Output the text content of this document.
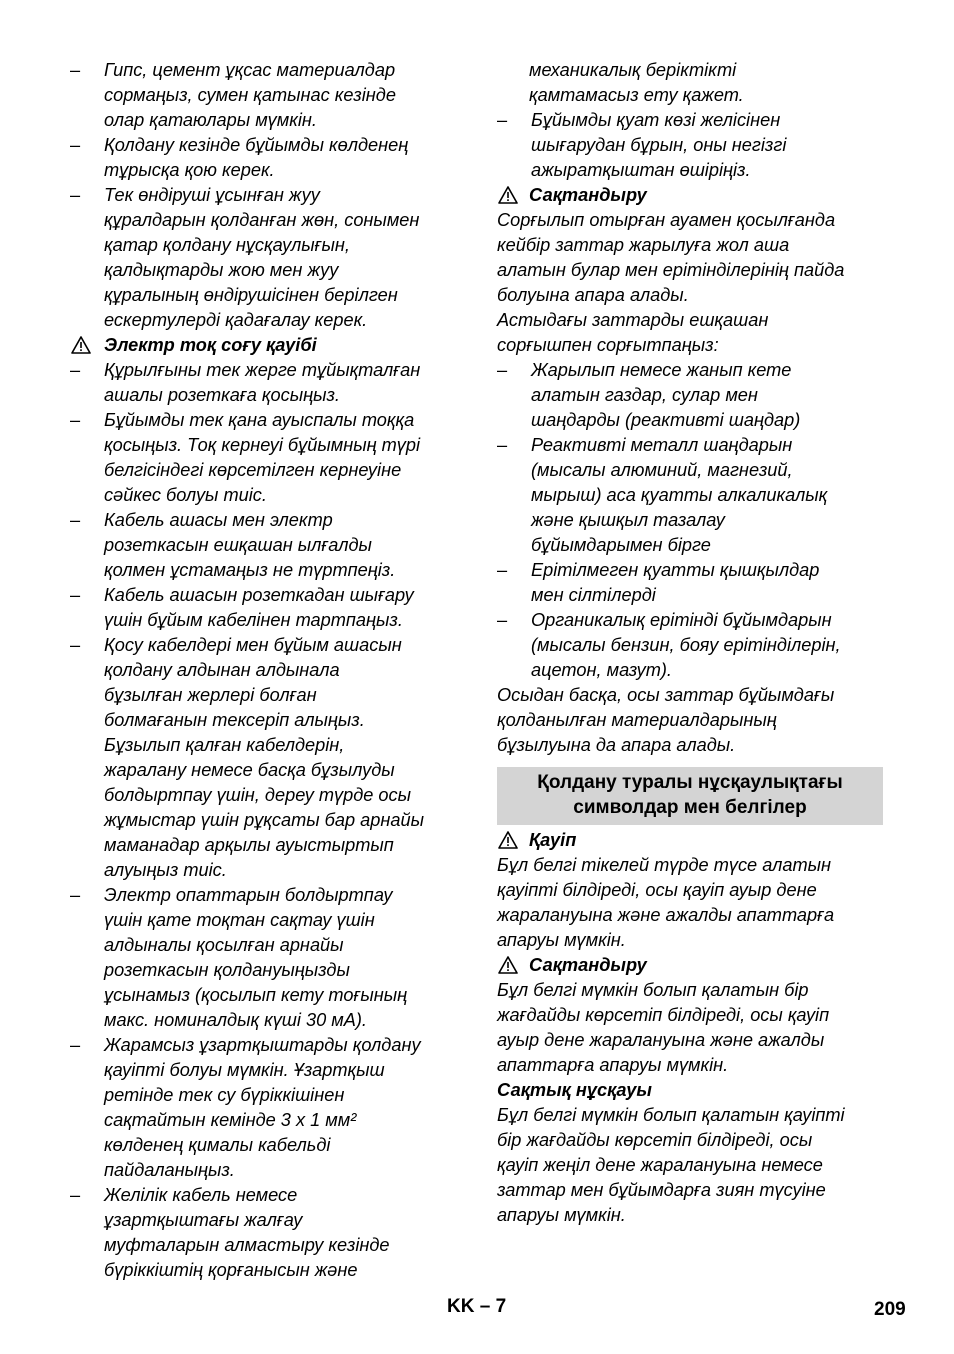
– Гипс, цемент ұқсас материалдар
сормаңыз, сумен қатынас кезінде
олар қатаюлары мүмкін.
– Қолдану кезінде бұйымды көлденең
тұрысқа қою керек.
– Тек өндіруші ұсынған жуу
құралдарын қолданған жөн, сонымен
қатар қолдану нұсқаулығын,
қалдықтарды жою мен жуу
құралының өндірушісінен берілген
ескертулерді қадағалау керек.
Электр тоқ соғу қауібі
– Құрылғыны тек жерге тұйықталған
ашалы розеткаға қосыңыз.
– Бұйымды тек қана ауыспалы тоққа
қосыңыз. Тоқ кернеуі бұйымның түрі
белгісіндегі көрсетілген кернеуіне
сәйкес болуы тиіс.
– Кабель ашасы мен электр
розеткасын ешқашан ылғалды
қолмен ұстамаңыз не түртпеңіз.
– Кабель ашасын розеткадан шығару
үшін бұйым кабелінен тартпаңыз.
– Қосу кабелдері мен бұйым ашасын
қолдану алдынан алдынала
бұзылған жерлері болған
болмағанын тексеріп алыңыз.
Бұзылып қалған кабелдерін,
жаралану немесе басқа бұзылуды
болдыртпау үшін, дереу түрде осы
жұмыстар үшін рұқсаты бар арнайы
маманадар арқылы ауыстыртып
алуыңыз тиіс.
– Электр опаттарын болдыртпау
үшін қате тоқтан сақтау үшін
алдыналы қосылған арнайы
розеткасын қолдануыңызды
ұсынамыз (қосылып кету тоғының
макс. номиналдық күші 30 мА).
– Жарамсыз ұзартқыштарды қолдану
қауіпті болуы мүмкін. Ұзартқыш
ретінде тек су бүріккішінен
сақтайтын кемінде 3 x 1 мм²
көлденең қималы кабельді
пайдаланыңыз.
– Желілік кабель немесе
ұзартқыштағы жалғау
муфталарын алмастыру кезінде
бүріккіштің қорғанысын және
механикалық беріктікті
қамтамасыз ету қажет.
– Бұйымды қуат көзі желісінен
шығарудан бұрын, оны негізгі
ажыратқыштан өшіріңіз.
Сақтандыру
Сорғылып отырған ауамен қосылғанда
кейбір заттар жарылуға жол аша
алатын булар мен ерітінділерінің пайда
болуына апара алады.
Астыдағы заттарды ешқашан
сорғышпен сорғытпаңыз:
– Жарылып немесе жанып кете
алатын газдар, сулар мен
шаңдарды (реактивті шаңдар)
– Реактивті металл шаңдарын
(мысалы алюминий, магнезий,
мырыш) аса қуатты алкаликалық
және қышқыл тазалау
бұйымдарымен бірге
– Ерітілмеген қуатты қышқылдар
мен сілтілерді
– Органикалық ерітінді бұйымдарын
(мысалы бензин, бояу ерітінділерін,
ацетон, мазут).
Осыдан басқа, осы заттар бұйымдағы
қолданылған материалдарының
бұзылуына да апара алады.
Қолдану туралы нұсқаулықтағы
символдар мен белгілер
Қауіп
Бұл белгі тікелей түрде түсе алатын
қауіпті білдіреді, осы қауіп ауыр дене
жаралануына және ажалды апаттарға
апаруы мүмкін.
Сақтандыру
Бұл белгі мүмкін болып қалатын бір
жағдайды көрсетіп білдіреді, осы қауіп
ауыр дене жаралануына және ажалды
апаттарға апаруы мүмкін.
Сақтық нұсқауы
Бұл белгі мүмкін болып қалатын қауіпті
бір жағдайды көрсетіп білдіреді, осы
қауіп жеңіл дене жаралануына немесе
заттар мен бұйымдарға зиян түсуіне
апаруы мүмкін.
KK – 7	209
